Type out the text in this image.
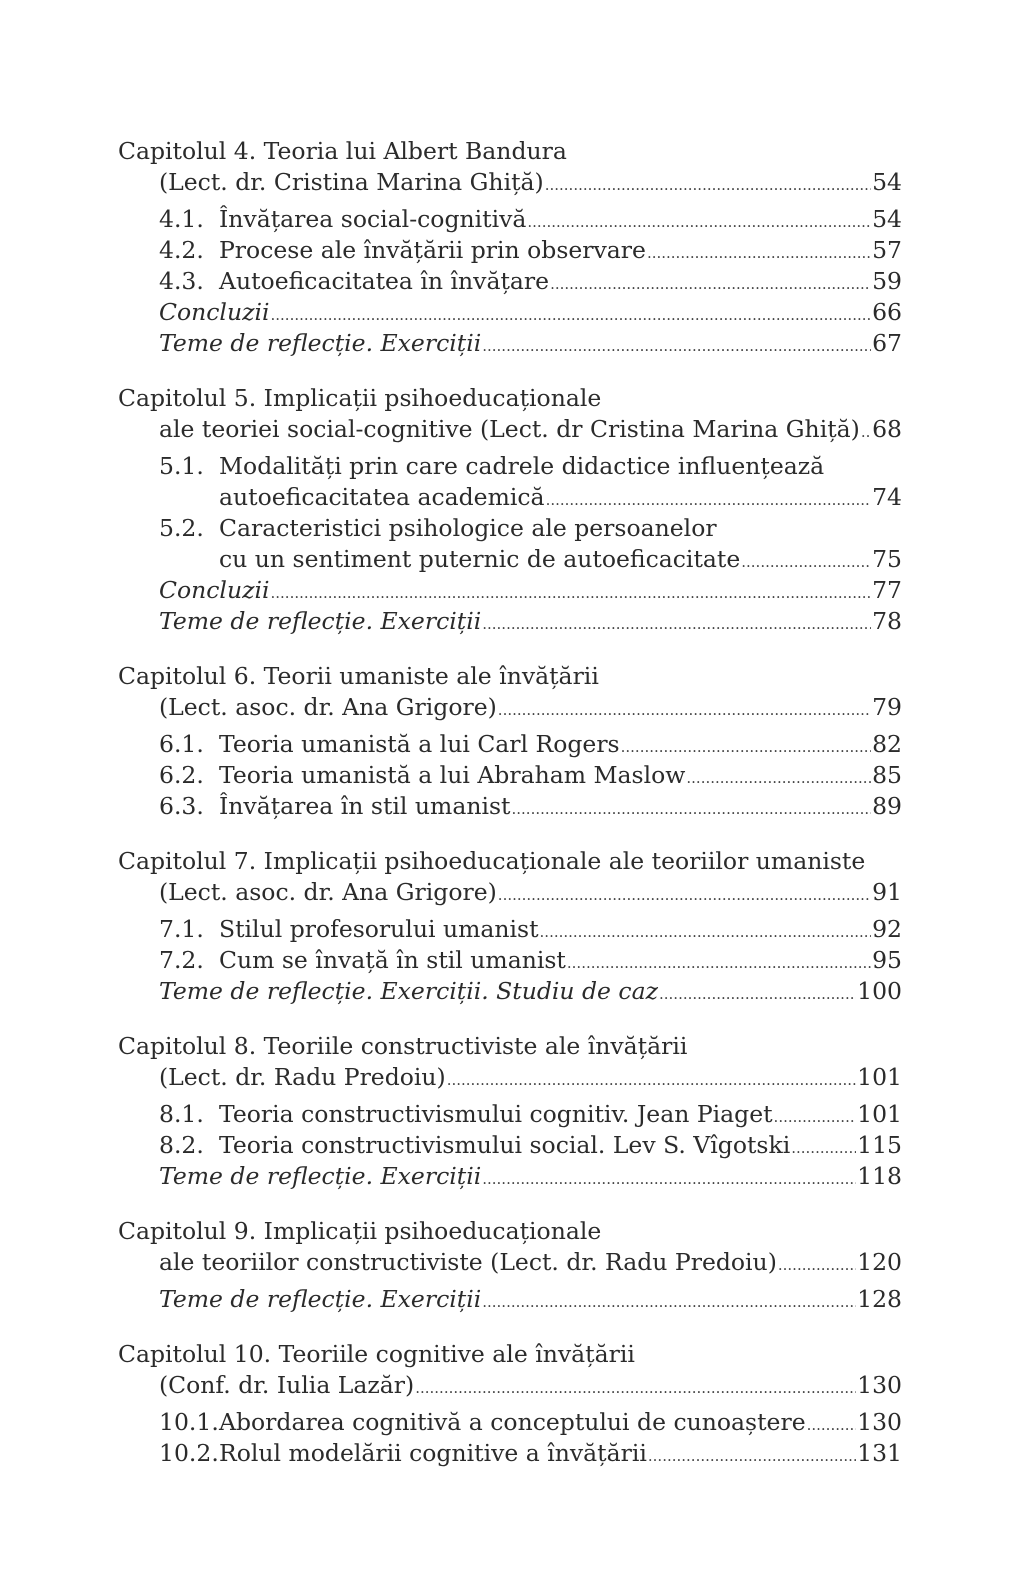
Capitolul 4. Teoria lui Albert Bandura
(Lect. dr. Cristina Marina Ghiță) .....	54
4.1. Învățarea social-cognitivă .....	54
4.2. Procese ale învățării prin observare .....	57
4.3. Autoeficacitatea în învățare .....	59
Concluzii .....	66
Teme de reflecție. Exerciții .....	67
Capitolul 5. Implicații psihoeducaționale
ale teoriei social-cognitive (Lect. dr Cristina Marina Ghiță) ..... 68
5.1. Modalități prin care cadrele didactice influențează
autoeficacitatea academică .....	74
5.2. Caracteristici psihologice ale persoanelor
cu un sentiment puternic de autoeficacitate .....	75
Concluzii .....	77
Teme de reflecție. Exerciții .....	78
Capitolul 6. Teorii umaniste ale învățării
(Lect. asoc. dr. Ana Grigore) .....	79
6.1. Teoria umanistă a lui Carl Rogers .....	82
6.2. Teoria umanistă a lui Abraham Maslow .....	85
6.3. Învățarea în stil umanist .....	89
Capitolul 7. Implicații psihoeducaționale ale teoriilor umaniste
(Lect. asoc. dr. Ana Grigore) .....	91
7.1. Stilul profesorului umanist .....	92
7.2. Cum se învață în stil umanist .....	95
Teme de reflecție. Exerciții. Studiu de caz .....	100
Capitolul 8. Teoriile constructiviste ale învățării
(Lect. dr. Radu Predoiu) .....	101
8.1. Teoria constructivismului cognitiv. Jean Piaget .....	101
8.2. Teoria constructivismului social. Lev S. Vîgotski .....	115
Teme de reflecție. Exerciții .....	118
Capitolul 9. Implicații psihoeducaționale
ale teoriilor constructiviste (Lect. dr. Radu Predoiu) .....	120
Teme de reflecție. Exerciții .....	128
Capitolul 10. Teoriile cognitive ale învățării
(Conf. dr. Iulia Lazăr) .....	130
10.1. Abordarea cognitivă a conceptului de cunoaștere ..... 130
10.2. Rolul modelării cognitive a învățării .....	131
